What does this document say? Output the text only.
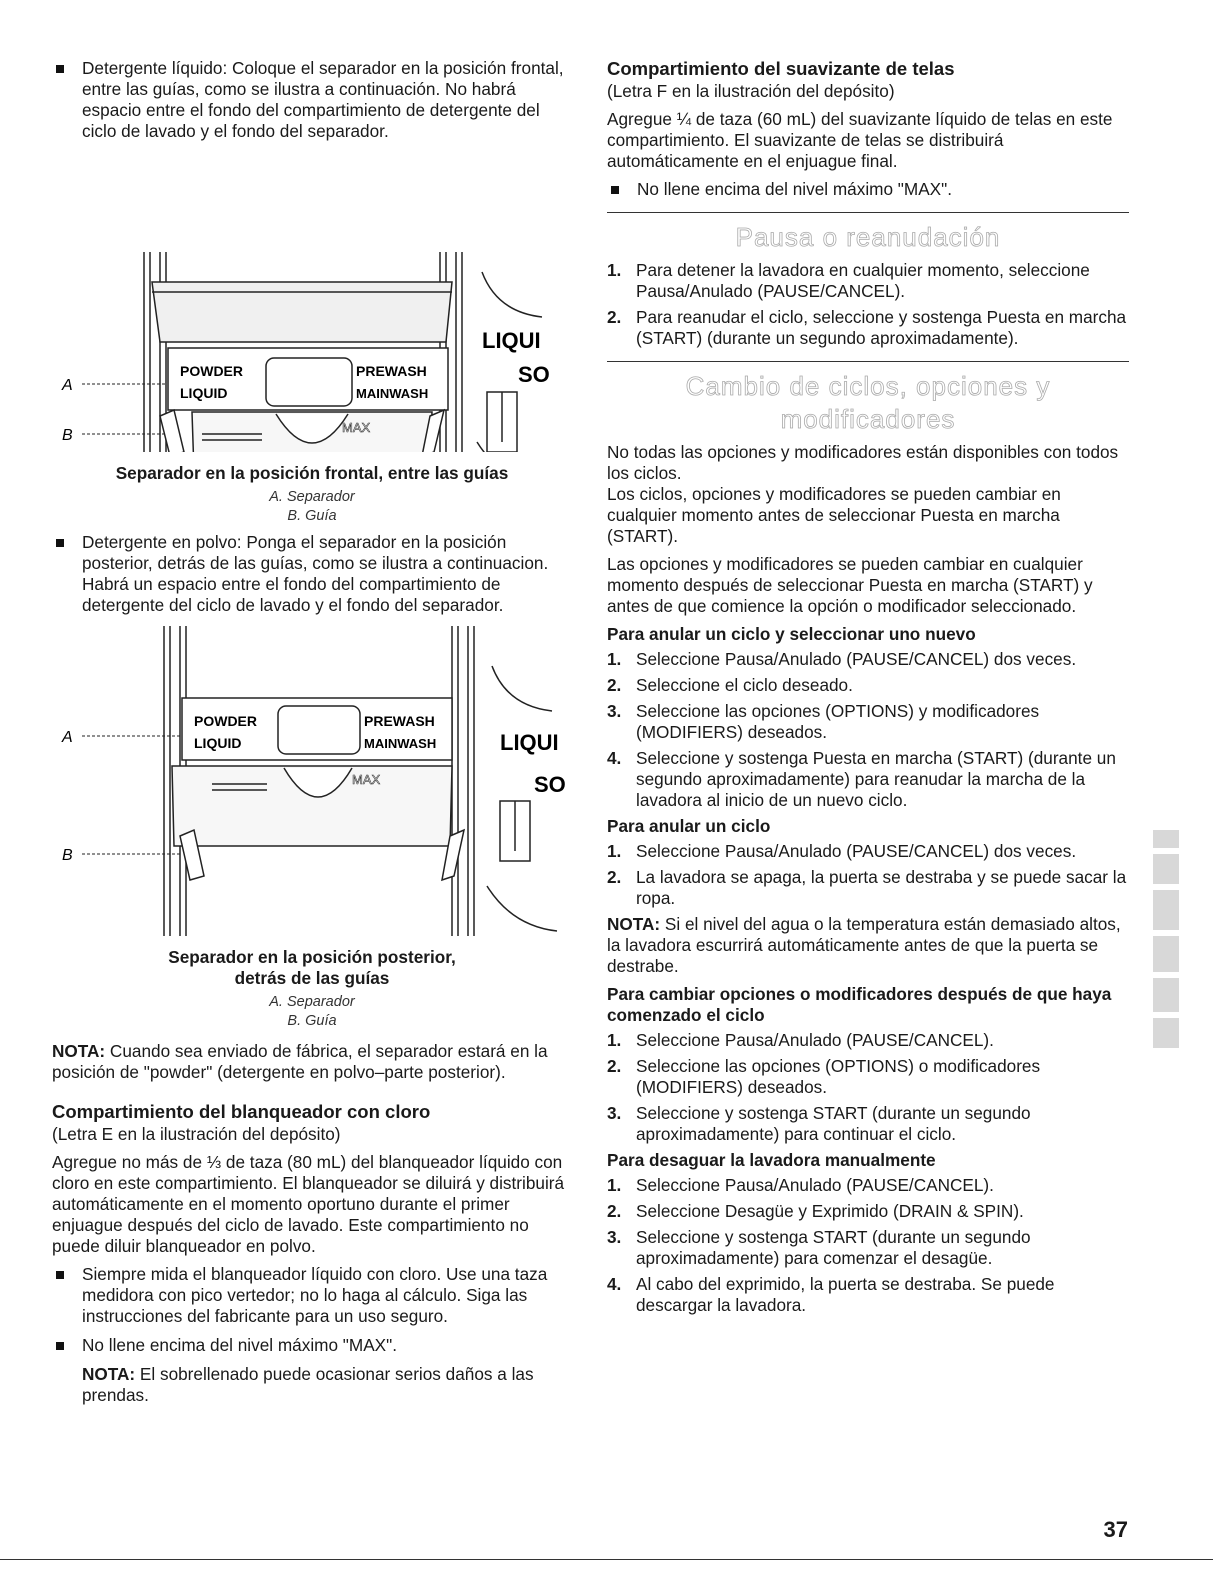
Detergente líquido: Coloque el separador en la posición frontal, entre las guías, como se ilustra a continuación. No habrá espacio entre el fondo del compartimiento de detergente del ciclo de lavado y el fondo del separador.
POWDER
LIQUID
PREWASH
MAINWASH
MAX
LIQUI
SO
A
B
Separador en la posición frontal, entre las guías
A. Separador
B. Guía
Detergente en polvo: Ponga el separador en la posición posterior, detrás de las guías, como se ilustra a continuacion. Habrá un espacio entre el fondo del compartimiento de detergente del ciclo de lavado y el fondo del separador.
POWDER
LIQUID
PREWASH
MAINWASH
MAX
LIQUI
SO
A
B
Separador en la posición posterior,
detrás de las guías
A. Separador
B. Guía

NOTA: Cuando sea enviado de fábrica, el separador estará en la posición de "powder" (detergente en polvo–parte posterior).

Compartimiento del blanqueador con cloro

(Letra E en la ilustración del depósito)

Agregue no más de ⅓ de taza (80 mL) del blanqueador líquido con cloro en este compartimiento. El blanqueador se diluirá y distribuirá automáticamente en el momento oportuno durante el primer enjuague después del ciclo de lavado. Este compartimiento no puede diluir blanqueador en polvo.

Siempre mida el blanqueador líquido con cloro. Use una taza medidora con pico vertedor; no lo haga al cálculo. Siga las instrucciones del fabricante para un uso seguro.
No llene encima del nivel máximo "MAX".

NOTA: El sobrellenado puede ocasionar serios daños a las prendas.

Compartimiento del suavizante de telas

(Letra F en la ilustración del depósito)

Agregue ¼ de taza (60 mL) del suavizante líquido de telas en este compartimiento. El suavizante de telas se distribuirá automáticamente en el enjuague final.

No llene encima del nivel máximo "MAX".
Pausa o reanudación
1. Para detener la lavadora en cualquier momento, seleccione Pausa/Anulado (PAUSE/CANCEL).
2. Para reanudar el ciclo, seleccione y sostenga Puesta en marcha (START) (durante un segundo aproximadamente).
Cambio de ciclos, opciones y
modificadores

No todas las opciones y modificadores están disponibles con todos los ciclos.

Los ciclos, opciones y modificadores se pueden cambiar en cualquier momento antes de seleccionar Puesta en marcha (START).

Las opciones y modificadores se pueden cambiar en cualquier momento después de seleccionar Puesta en marcha (START) y antes de que comience la opción o modificador seleccionado.

Para anular un ciclo y seleccionar uno nuevo
1. Seleccione Pausa/Anulado (PAUSE/CANCEL) dos veces.
2. Seleccione el ciclo deseado.
3. Seleccione las opciones (OPTIONS) y modificadores (MODIFIERS) deseados.
4. Seleccione y sostenga Puesta en marcha (START) (durante un segundo aproximadamente) para reanudar la marcha de la lavadora al inicio de un nuevo ciclo.
Para anular un ciclo
1. Seleccione Pausa/Anulado (PAUSE/CANCEL) dos veces.
2. La lavadora se apaga, la puerta se destraba y se puede sacar la ropa.

NOTA: Si el nivel del agua o la temperatura están demasiado altos, la lavadora escurrirá automáticamente antes de que la puerta se destrabe.

Para cambiar opciones o modificadores después de que haya comenzado el ciclo
1. Seleccione Pausa/Anulado (PAUSE/CANCEL).
2. Seleccione las opciones (OPTIONS) o modificadores (MODIFIERS) deseados.
3. Seleccione y sostenga START (durante un segundo aproximadamente) para continuar el ciclo.
Para desaguar la lavadora manualmente
1. Seleccione Pausa/Anulado (PAUSE/CANCEL).
2. Seleccione Desagüe y Exprimido (DRAIN & SPIN).
3. Seleccione y sostenga START (durante un segundo aproximadamente) para comenzar el desagüe.
4. Al cabo del exprimido, la puerta se destraba. Se puede descargar la lavadora.
37
